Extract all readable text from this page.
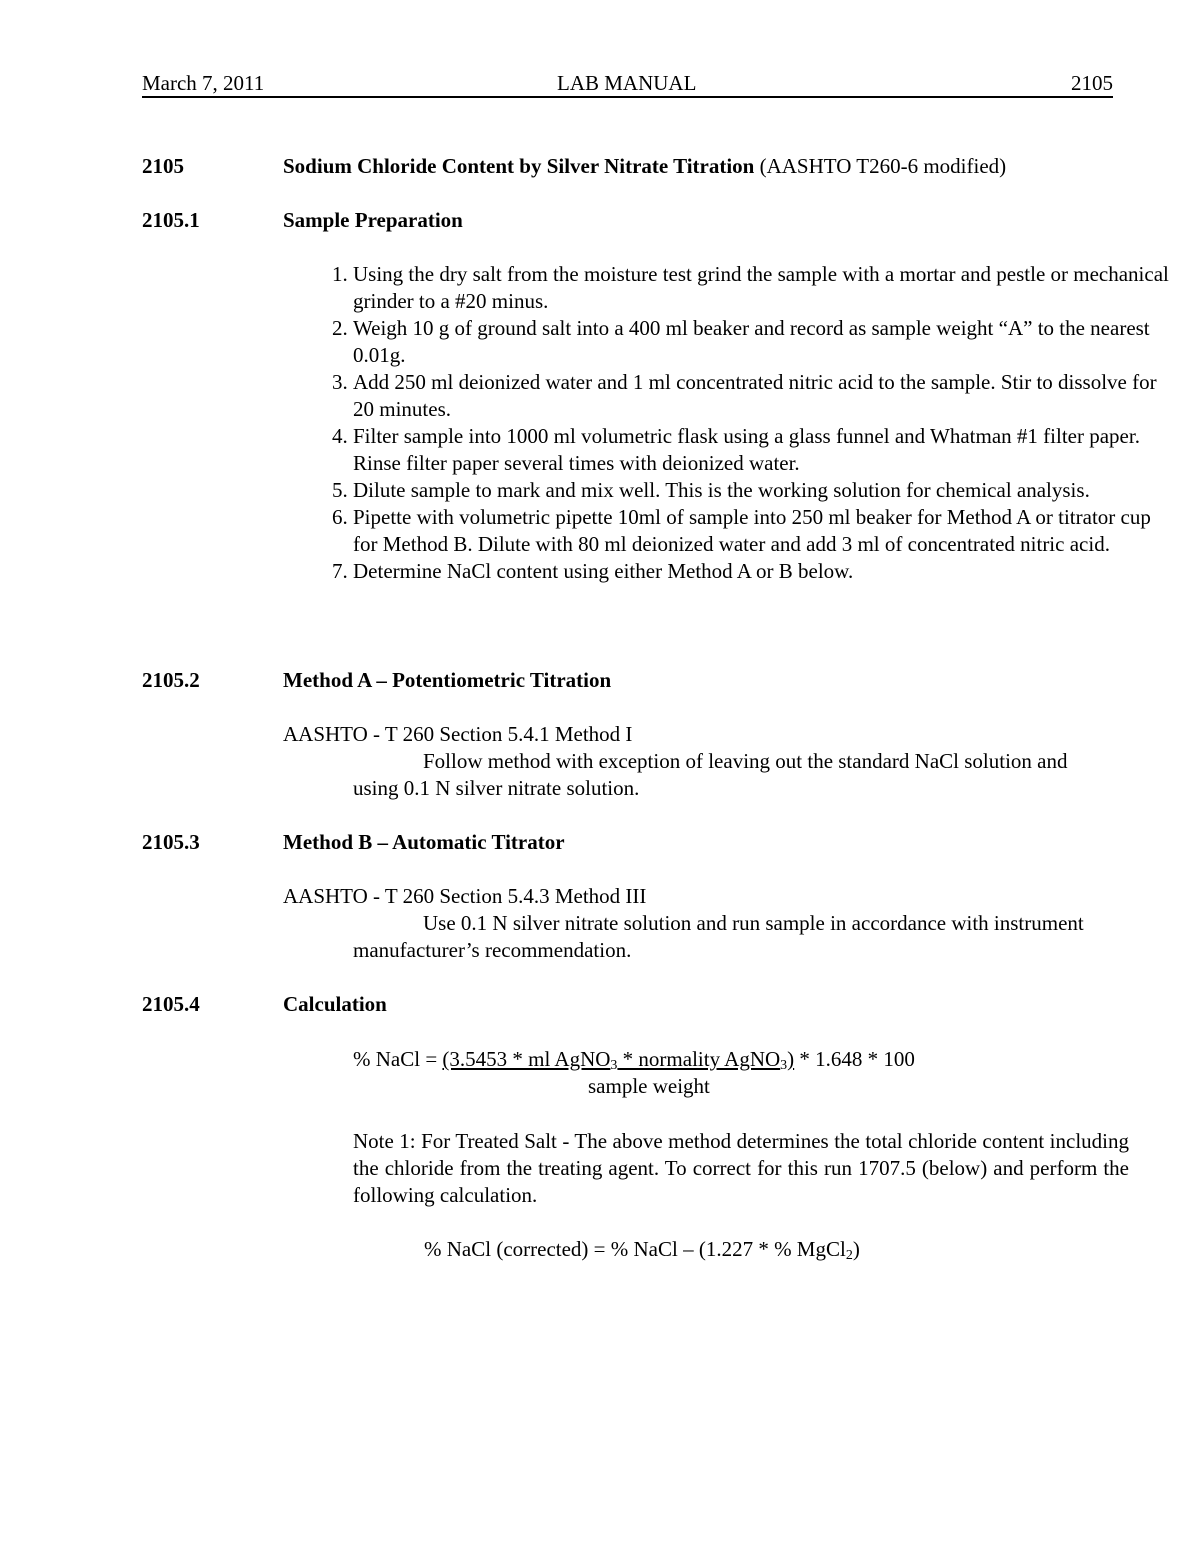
March 7, 2011	LAB MANUAL	2105
2105	Sodium Chloride Content by Silver Nitrate Titration (AASHTO T260-6 modified)
2105.1	Sample Preparation
1. Using the dry salt from the moisture test grind the sample with a mortar and pestle or mechanical grinder to a #20 minus.
2. Weigh 10 g of ground salt into a 400 ml beaker and record as sample weight “A” to the nearest 0.01g.
3. Add 250 ml deionized water and 1 ml concentrated nitric acid to the sample. Stir to dissolve for 20 minutes.
4. Filter sample into 1000 ml volumetric flask using a glass funnel and Whatman #1 filter paper. Rinse filter paper several times with deionized water.
5. Dilute sample to mark and mix well. This is the working solution for chemical analysis.
6. Pipette with volumetric pipette 10ml of sample into 250 ml beaker for Method A or titrator cup for Method B. Dilute with 80 ml deionized water and add 3 ml of concentrated nitric acid.
7. Determine NaCl content using either Method A or B below.
2105.2	Method A – Potentiometric Titration
AASHTO - T 260 Section 5.4.1 Method I
Follow method with exception of leaving out the standard NaCl solution and using 0.1 N silver nitrate solution.
2105.3	Method B – Automatic Titrator
AASHTO - T 260 Section 5.4.3 Method III
Use 0.1 N silver nitrate solution and run sample in accordance with instrument manufacturer’s recommendation.
2105.4	Calculation
% NaCl = (3.5453 * ml AgNO$_3$ * normality AgNO$_3$) * 1.648 * 100
sample weight
Note 1: For Treated Salt - The above method determines the total chloride content including the chloride from the treating agent. To correct for this run 1707.5 (below) and perform the following calculation.
% NaCl (corrected) = % NaCl – (1.227 * % MgCl$_2$)
